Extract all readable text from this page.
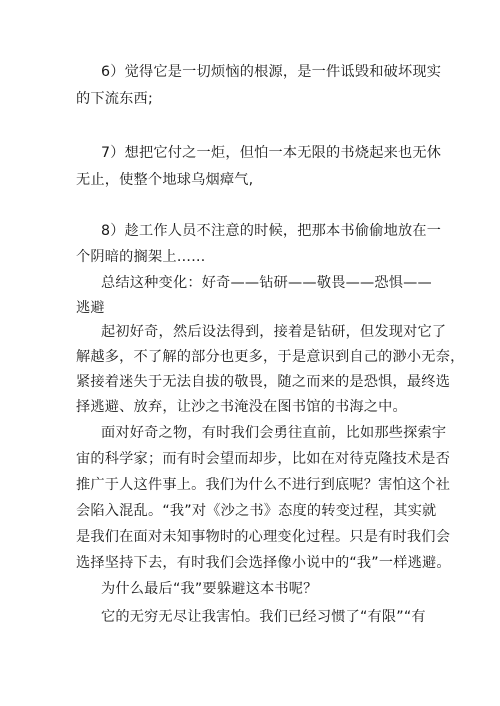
6）觉得它是一切烦恼的根源，是一件诋毁和破坏现实
的下流东西;
7）想把它付之一炬，但怕一本无限的书烧起来也无休
无止，使整个地球乌烟瘴气,
8）趁工作人员不注意的时候，把那本书偷偷地放在一
个阴暗的搁架上……
总结这种变化：好奇——钻研——敬畏——恐惧——
逃避
起初好奇，然后设法得到，接着是钻研，但发现对它了
解越多，不了解的部分也更多，于是意识到自己的渺小无奈，
紧接着迷失于无法自拔的敬畏，随之而来的是恐惧，最终选
择逃避、放弃，让沙之书淹没在图书馆的书海之中。
面对好奇之物，有时我们会勇往直前，比如那些探索宇
宙的科学家；而有时会望而却步，比如在对待克隆技术是否
推广于人这件事上。我们为什么不进行到底呢？害怕这个社
会陷入混乱。“我”对《沙之书》态度的转变过程，其实就
是我们在面对未知事物时的心理变化过程。只是有时我们会
选择坚持下去，有时我们会选择像小说中的“我”一样逃避。
为什么最后“我”要躲避这本书呢？
它的无穷无尽让我害怕。我们已经习惯了“有限”“有
